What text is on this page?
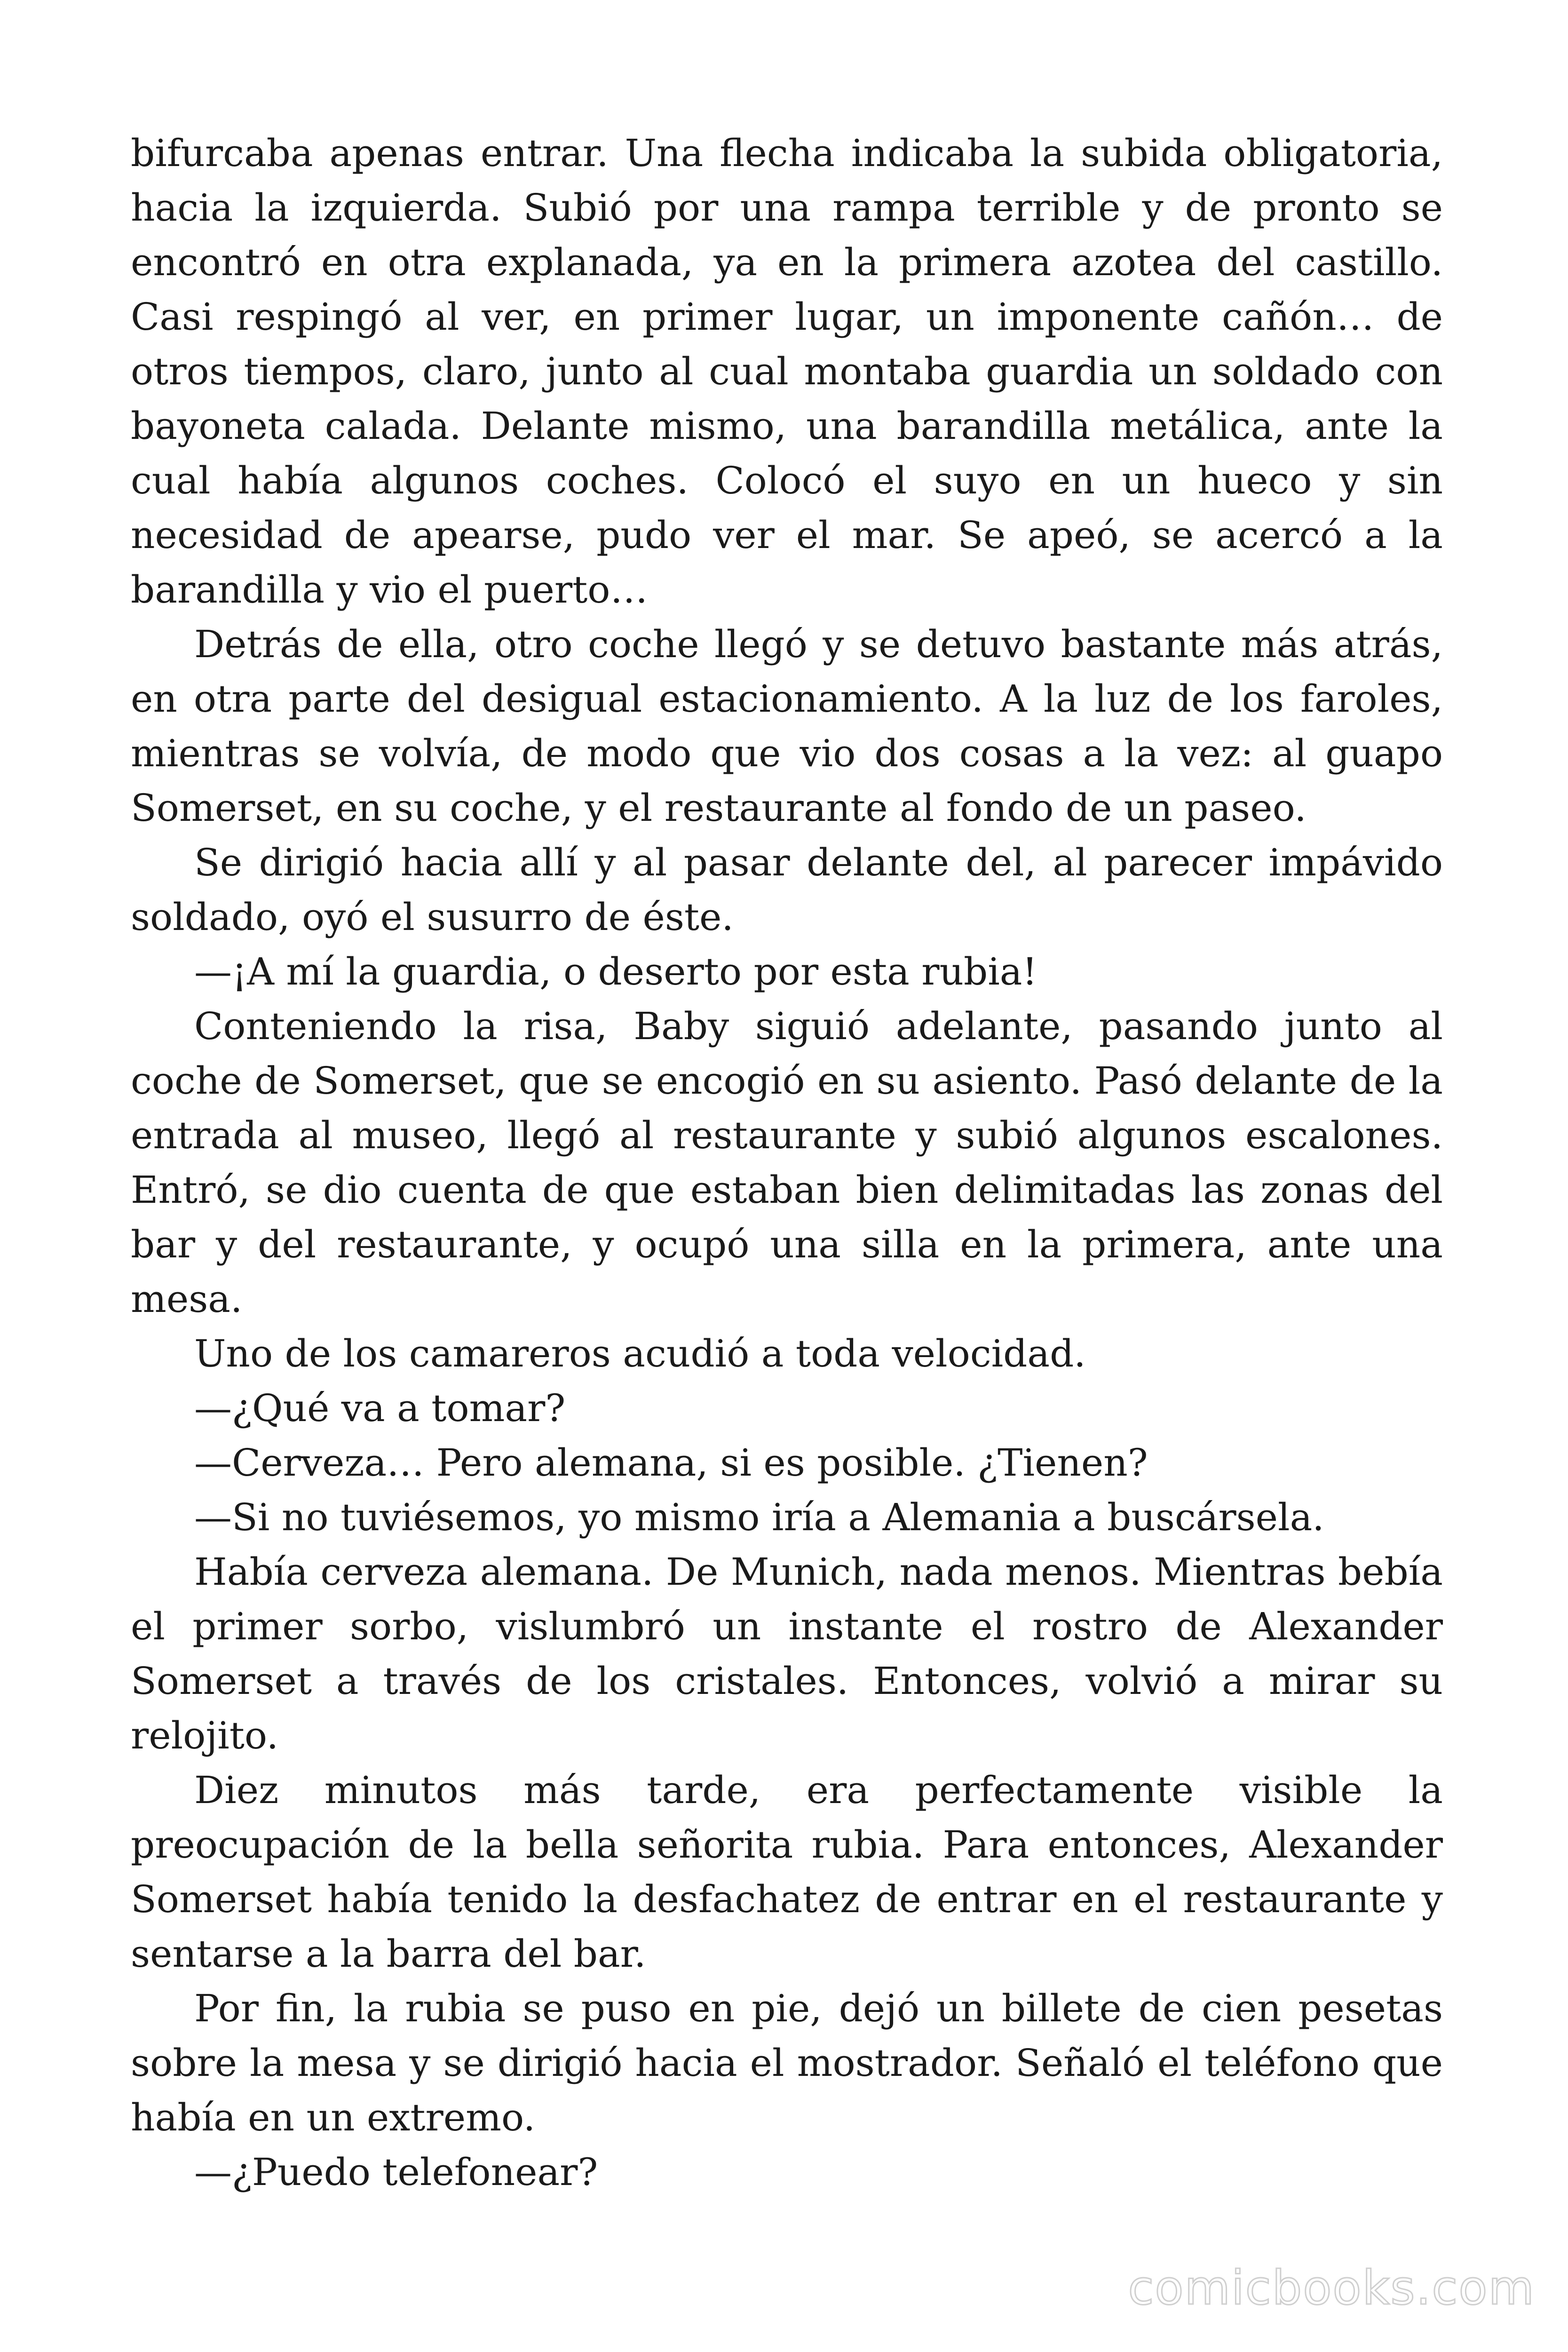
bifurcaba apenas entrar. Una flecha indicaba la subida obligatoria, hacia la izquierda. Subió por una rampa terrible y de pronto se encontró en otra explanada, ya en la primera azotea del castillo. Casi respingó al ver, en primer lugar, un imponente cañón… de otros tiempos, claro, junto al cual montaba guardia un soldado con bayoneta calada. Delante mismo, una barandilla metálica, ante la cual había algunos coches. Colocó el suyo en un hueco y sin necesidad de apearse, pudo ver el mar. Se apeó, se acercó a la barandilla y vio el puerto…

Detrás de ella, otro coche llegó y se detuvo bastante más atrás, en otra parte del desigual estacionamiento. A la luz de los faroles, mientras se volvía, de modo que vio dos cosas a la vez: al guapo Somerset, en su coche, y el restaurante al fondo de un paseo.

Se dirigió hacia allí y al pasar delante del, al parecer impávido soldado, oyó el susurro de éste.

—¡A mí la guardia, o deserto por esta rubia!

Conteniendo la risa, Baby siguió adelante, pasando junto al coche de Somerset, que se encogió en su asiento. Pasó delante de la entrada al museo, llegó al restaurante y subió algunos escalones. Entró, se dio cuenta de que estaban bien delimitadas las zonas del bar y del restaurante, y ocupó una silla en la primera, ante una mesa.

Uno de los camareros acudió a toda velocidad.

—¿Qué va a tomar?

—Cerveza… Pero alemana, si es posible. ¿Tienen?

—Si no tuviésemos, yo mismo iría a Alemania a buscársela.

Había cerveza alemana. De Munich, nada menos. Mientras bebía el primer sorbo, vislumbró un instante el rostro de Alexander Somerset a través de los cristales. Entonces, volvió a mirar su relojito.

Diez minutos más tarde, era perfectamente visible la preocupación de la bella señorita rubia. Para entonces, Alexander Somerset había tenido la desfachatez de entrar en el restaurante y sentarse a la barra del bar.

Por fin, la rubia se puso en pie, dejó un billete de cien pesetas sobre la mesa y se dirigió hacia el mostrador. Señaló el teléfono que había en un extremo.

—¿Puedo telefonear?

comicbooks.com
